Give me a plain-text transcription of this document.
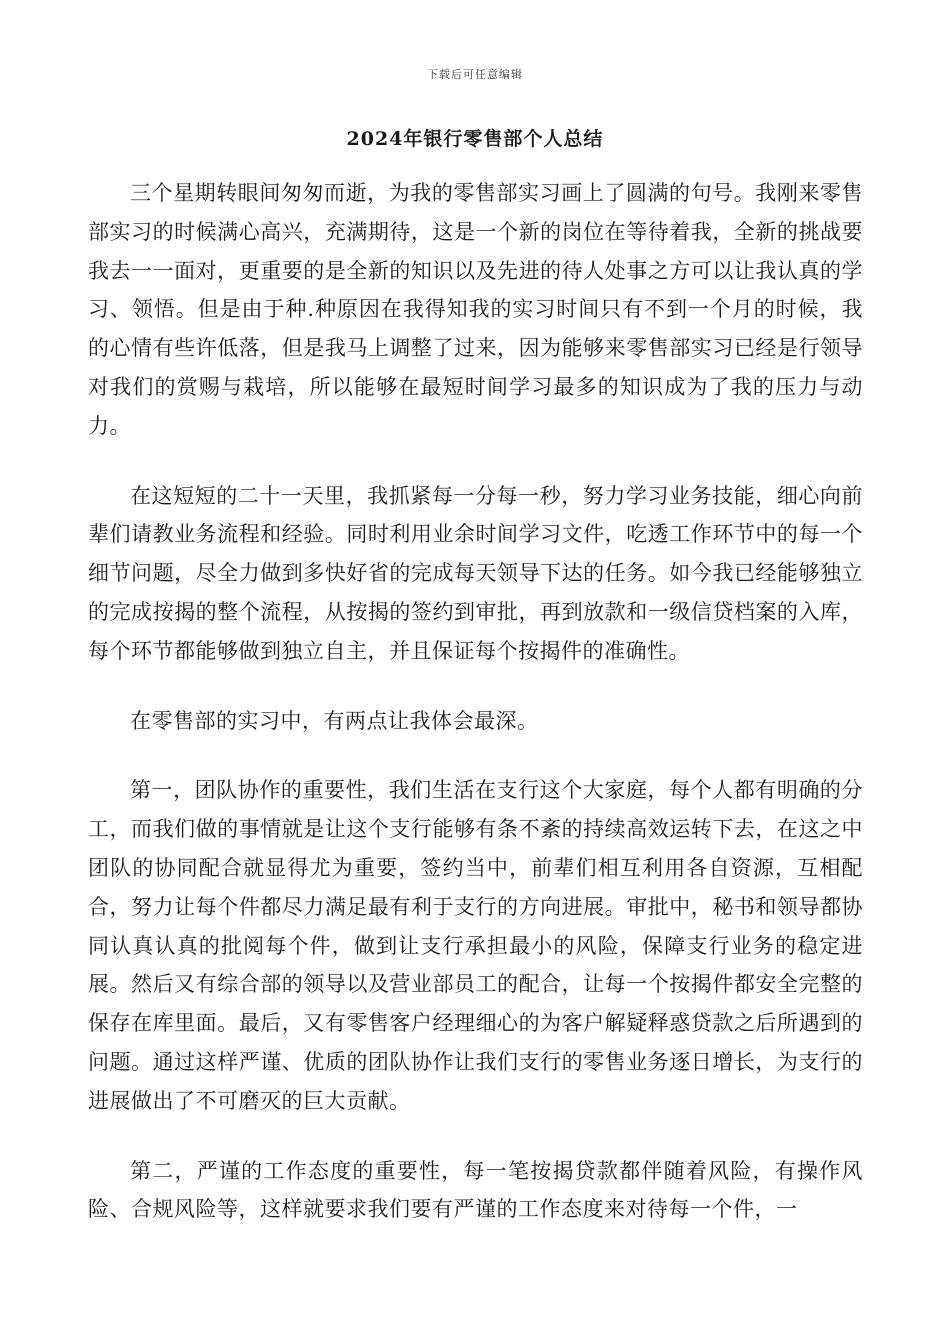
下载后可任意编辑
2024年银行零售部个人总结

三个星期转眼间匆匆而逝，为我的零售部实习画上了圆满的句号。我刚来零售部实习的时候满心高兴，充满期待，这是一个新的岗位在等待着我，全新的挑战要我去一一面对，更重要的是全新的知识以及先进的待人处事之方可以让我认真的学习、领悟。但是由于种.种原因在我得知我的实习时间只有不到一个月的时候，我的心情有些许低落，但是我马上调整了过来，因为能够来零售部实习已经是行领导对我们的赏赐与栽培，所以能够在最短时间学习最多的知识成为了我的压力与动力。

在这短短的二十一天里，我抓紧每一分每一秒，努力学习业务技能，细心向前辈们请教业务流程和经验。同时利用业余时间学习文件，吃透工作环节中的每一个细节问题，尽全力做到多快好省的完成每天领导下达的任务。如今我已经能够独立的完成按揭的整个流程，从按揭的签约到审批，再到放款和一级信贷档案的入库，每个环节都能够做到独立自主，并且保证每个按揭件的准确性。

在零售部的实习中，有两点让我体会最深。

第一，团队协作的重要性，我们生活在支行这个大家庭，每个人都有明确的分工，而我们做的事情就是让这个支行能够有条不紊的持续高效运转下去，在这之中团队的协同配合就显得尤为重要，签约当中，前辈们相互利用各自资源，互相配合，努力让每个件都尽力满足最有利于支行的方向进展。审批中，秘书和领导都协同认真认真的批阅每个件，做到让支行承担最小的风险，保障支行业务的稳定进展。然后又有综合部的领导以及营业部员工的配合，让每一个按揭件都安全完整的保存在库里面。最后，又有零售客户经理细心的为客户解疑释惑贷款之后所遇到的问题。通过这样严谨、优质的团队协作让我们支行的零售业务逐日增长，为支行的进展做出了不可磨灭的巨大贡献。

第二，严谨的工作态度的重要性，每一笔按揭贷款都伴随着风险，有操作风险、合规风险等，这样就要求我们要有严谨的工作态度来对待每一个件，一
